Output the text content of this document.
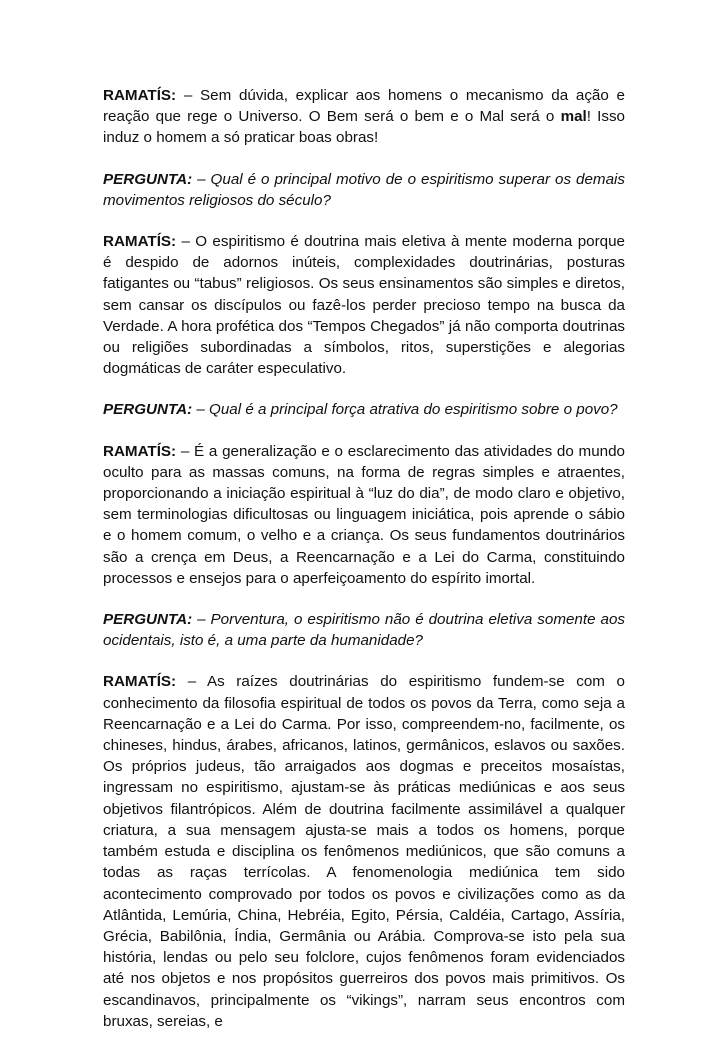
RAMATÍS: – Sem dúvida, explicar aos homens o mecanismo da ação e reação que rege o Universo. O Bem será o bem e o Mal será o mal! Isso induz o homem a só praticar boas obras!

PERGUNTA: – Qual é o principal motivo de o espiritismo superar os demais movimentos religiosos do século?

RAMATÍS: – O espiritismo é doutrina mais eletiva à mente moderna porque é despido de adornos inúteis, complexidades doutrinárias, posturas fatigantes ou “tabus” religiosos. Os seus ensinamentos são simples e diretos, sem cansar os discípulos ou fazê-los perder precioso tempo na busca da Verdade. A hora profética dos “Tempos Chegados” já não comporta doutrinas ou religiões subordinadas a símbolos, ritos, superstições e alegorias dogmáticas de caráter especulativo.

PERGUNTA: – Qual é a principal força atrativa do espiritismo sobre o povo?

RAMATÍS: – É a generalização e o esclarecimento das atividades do mundo oculto para as massas comuns, na forma de regras simples e atraentes, proporcionando a iniciação espiritual à “luz do dia”, de modo claro e objetivo, sem terminologias dificultosas ou linguagem iniciática, pois aprende o sábio e o homem comum, o velho e a criança. Os seus fundamentos doutrinários são a crença em Deus, a Reencarnação e a Lei do Carma, constituindo processos e ensejos para o aperfeiçoamento do espírito imortal.

PERGUNTA: – Porventura, o espiritismo não é doutrina eletiva somente aos ocidentais, isto é, a uma parte da humanidade?

RAMATÍS: – As raízes doutrinárias do espiritismo fundem-se com o conhecimento da filosofia espiritual de todos os povos da Terra, como seja a Reencarnação e a Lei do Carma. Por isso, compreendem-no, facilmente, os chineses, hindus, árabes, africanos, latinos, germânicos, eslavos ou saxões. Os próprios judeus, tão arraigados aos dogmas e preceitos mosaístas, ingressam no espiritismo, ajustam-se às práticas mediúnicas e aos seus objetivos filantrópicos. Além de doutrina facilmente assimilável a qualquer criatura, a sua mensagem ajusta-se mais a todos os homens, porque também estuda e disciplina os fenômenos mediúnicos, que são comuns a todas as raças terrícolas. A fenomenologia mediúnica tem sido acontecimento comprovado por todos os povos e civilizações como as da Atlântida, Lemúria, China, Hebréia, Egito, Pérsia, Caldéia, Cartago, Assíria, Grécia, Babilônia, Índia, Germânia ou Arábia. Comprova-se isto pela sua história, lendas ou pelo seu folclore, cujos fenômenos foram evidenciados até nos objetos e nos propósitos guerreiros dos povos mais primitivos. Os escandinavos, principalmente os “vikings”, narram seus encontros com bruxas, sereias, e
